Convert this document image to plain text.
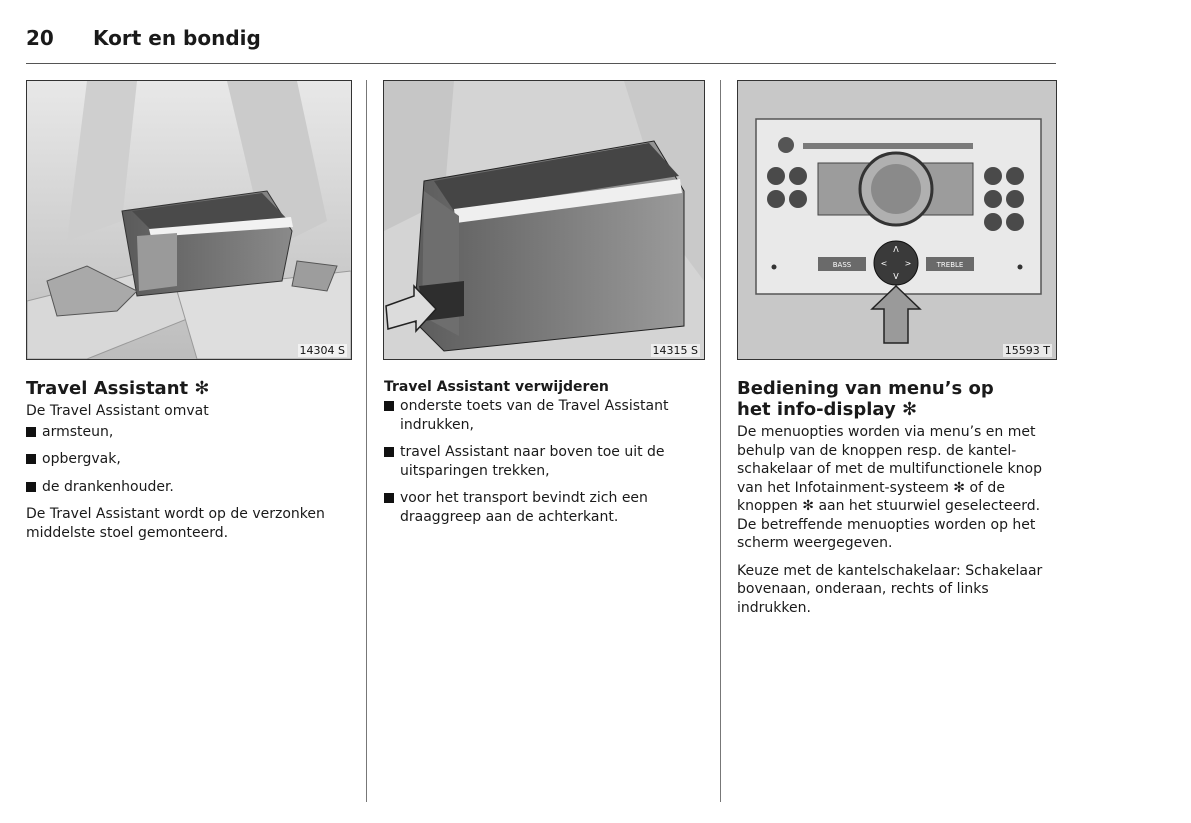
20 Kort en bondig
14304 S	14315 S
BASS	TREBLE
Λ
< >
V
15593 T
Travel Assistant ✻
De Travel Assistant omvat
armsteun,
opbergvak,
de drankenhouder.
De Travel Assistant wordt op de verzonken middelste stoel gemonteerd.
Travel Assistant verwijderen
onderste toets van de Travel Assistant indrukken,
travel Assistant naar boven toe uit de uitsparingen trekken,
voor het transport bevindt zich een draaggreep aan de achterkant.
Bediening van menu’s op
het info-display ✻
De menuopties worden via menu’s en met behulp van de knoppen resp. de kantelschakelaar of met de multifunctionele knop van het Infotainment-systeem ✻ of de knoppen ✻ aan het stuurwiel geselecteerd. De betreffende menuopties worden op het scherm weergegeven.
Keuze met de kantelschakelaar: Schakelaar bovenaan, onderaan, rechts of links indrukken.
